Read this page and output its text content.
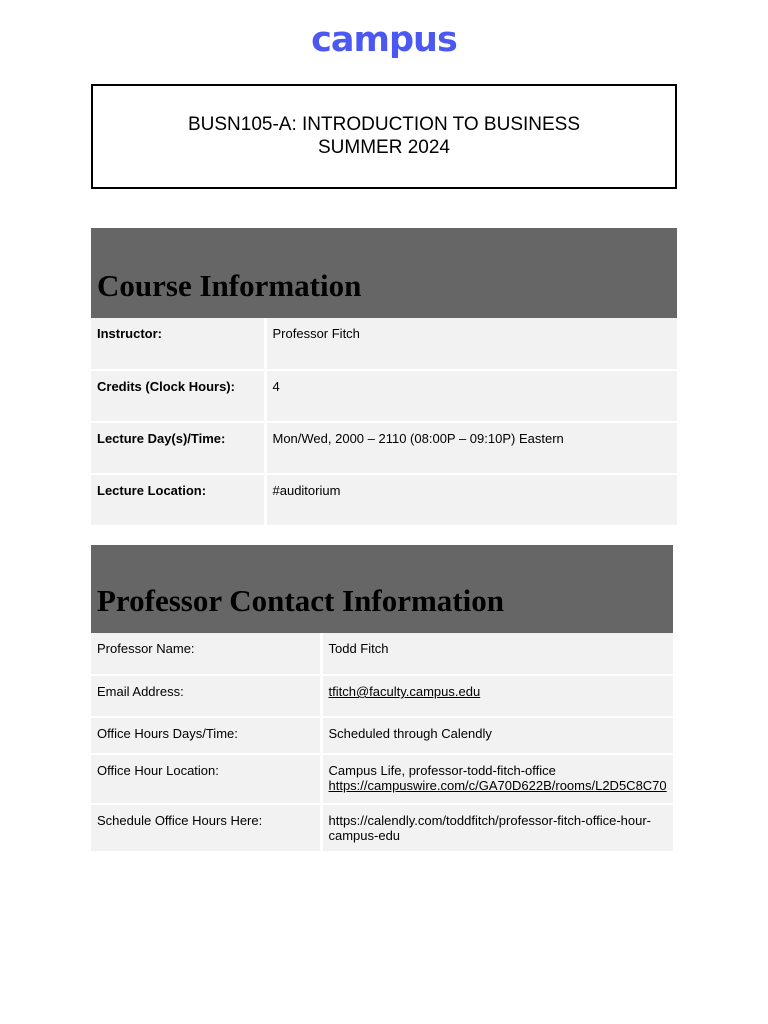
campus
BUSN105-A: INTRODUCTION TO BUSINESS
SUMMER 2024
Course Information
Instructor:	Professor Fitch
Credits (Clock Hours):	4
Lecture Day(s)/Time:	Mon/Wed, 2000 – 2110 (08:00P – 09:10P) Eastern
Lecture Location:	#auditorium
Professor Contact Information
Professor Name:	Todd Fitch
Email Address:	tfitch@faculty.campus.edu
Office Hours Days/Time:	Scheduled through Calendly
Office Hour Location:	Campus Life, professor-todd-fitch-office
https://campuswire.com/c/GA70D622B/rooms/L2D5C8C70
Schedule Office Hours Here:	https://calendly.com/toddfitch/professor-fitch-office-hour-campus-edu
